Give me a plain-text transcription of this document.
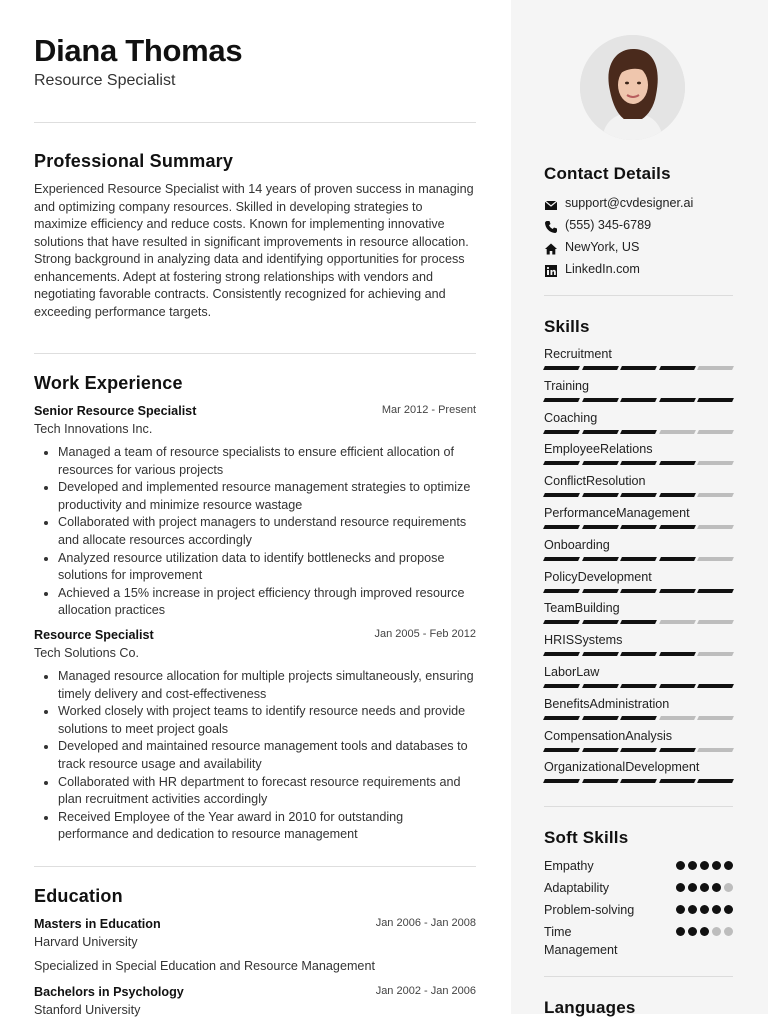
Diana Thomas
Resource Specialist
Professional Summary

Experienced Resource Specialist with 14 years of proven success in managing and optimizing company resources. Skilled in developing strategies to maximize efficiency and reduce costs. Known for implementing innovative solutions that have resulted in significant improvements in resource allocation. Strong background in analyzing data and identifying opportunities for process enhancements. Adept at fostering strong relationships with vendors and negotiating favorable contracts. Consistently recognized for achieving and exceeding performance targets.

Work Experience
Senior Resource Specialist	Mar 2012 - Present
Tech Innovations Inc.
Managed a team of resource specialists to ensure efficient allocation of resources for various projects
Developed and implemented resource management strategies to optimize productivity and minimize resource wastage
Collaborated with project managers to understand resource requirements and allocate resources accordingly
Analyzed resource utilization data to identify bottlenecks and propose solutions for improvement
Achieved a 15% increase in project efficiency through improved resource allocation practices
Resource Specialist	Jan 2005 - Feb 2012
Tech Solutions Co.
Managed resource allocation for multiple projects simultaneously, ensuring timely delivery and cost-effectiveness
Worked closely with project teams to identify resource needs and provide solutions to meet project goals
Developed and maintained resource management tools and databases to track resource usage and availability
Collaborated with HR department to forecast resource requirements and plan recruitment activities accordingly
Received Employee of the Year award in 2010 for outstanding performance and dedication to resource management
Education
Masters in Education	Jan 2006 - Jan 2008
Harvard University
Specialized in Special Education and Resource Management
Bachelors in Psychology	Jan 2002 - Jan 2006
Stanford University
Contact Details
support@cvdesigner.ai
(555) 345-6789
NewYork, US
LinkedIn.com
Skills
Recruitment
Training
Coaching
EmployeeRelations
ConflictResolution
PerformanceManagement
Onboarding
PolicyDevelopment
TeamBuilding
HRISSystems
LaborLaw
BenefitsAdministration
CompensationAnalysis
OrganizationalDevelopment
Soft Skills
Empathy
Adaptability
Problem-solving
Time Management
Languages
